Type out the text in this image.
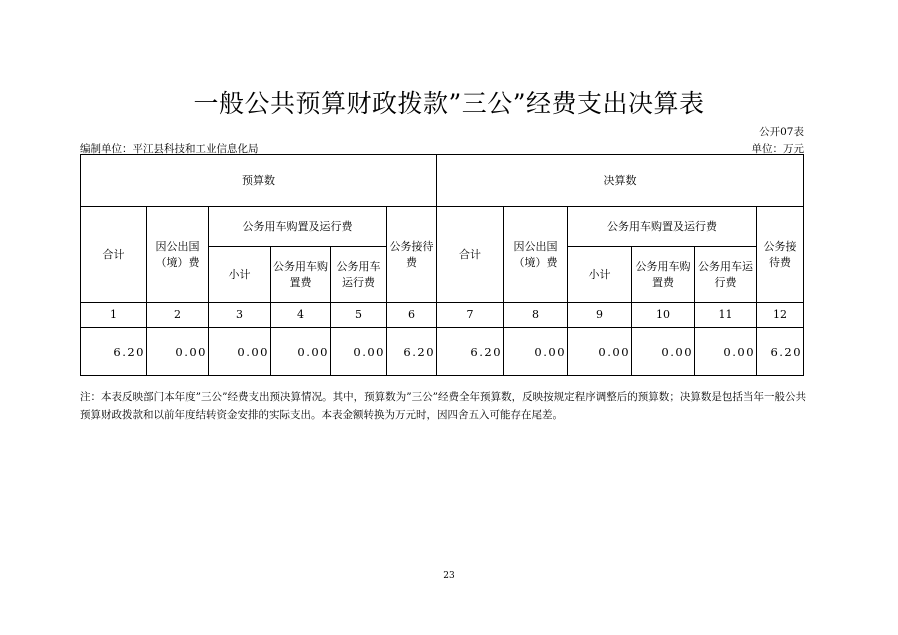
一般公共预算财政拨款”三公”经费支出决算表
公开07表
编制单位：平江县科技和工业信息化局	单位：万元
预算数						决算数					
合计	因公出国（境）费	公务用车购置及运行费			公务接待费	合计	因公出国（境）费	公务用车购置及运行费			公务接待费
		小计	公务用车购置费	公务用车运行费				小计	公务用车购置费	公务用车运行费	
1	2	3	4	5	6	7	8	9	10	11	12
6.20	0.00	0.00	0.00	0.00	6.20	6.20	0.00	0.00	0.00	0.00	6.20
注：本表反映部门本年度”三公”经费支出预决算情况。其中，预算数为”三公”经费全年预算数，反映按规定程序调整后的预算数；决算数是包括当年一般公共预算财政拨款和以前年度结转资金安排的实际支出。本表金额转换为万元时，因四舍五入可能存在尾差。
23
